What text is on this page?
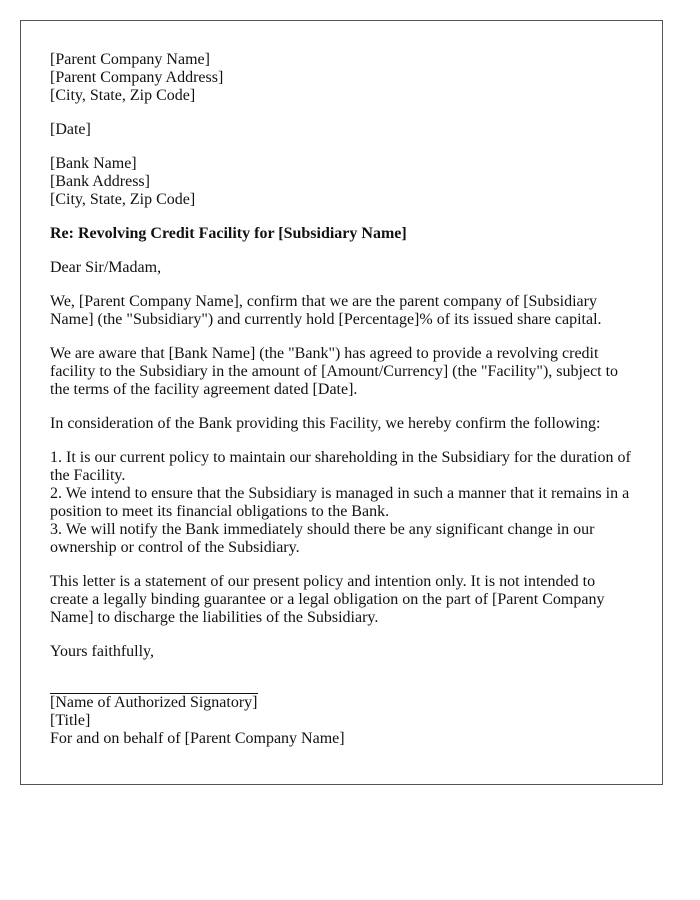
[Parent Company Name]
[Parent Company Address]
[City, State, Zip Code]

[Date]

[Bank Name]
[Bank Address]
[City, State, Zip Code]

Re: Revolving Credit Facility for [Subsidiary Name]

Dear Sir/Madam,

We, [Parent Company Name], confirm that we are the parent company of [Subsidiary Name] (the "Subsidiary") and currently hold [Percentage]% of its issued share capital.

We are aware that [Bank Name] (the "Bank") has agreed to provide a revolving credit facility to the Subsidiary in the amount of [Amount/Currency] (the "Facility"), subject to the terms of the facility agreement dated [Date].

In consideration of the Bank providing this Facility, we hereby confirm the following:

1. It is our current policy to maintain our shareholding in the Subsidiary for the duration of the Facility.
2. We intend to ensure that the Subsidiary is managed in such a manner that it remains in a position to meet its financial obligations to the Bank.
3. We will notify the Bank immediately should there be any significant change in our ownership or control of the Subsidiary.

This letter is a statement of our present policy and intention only. It is not intended to create a legally binding guarantee or a legal obligation on the part of [Parent Company Name] to discharge the liabilities of the Subsidiary.

Yours faithfully,

[Name of Authorized Signatory]
[Title]
For and on behalf of [Parent Company Name]
